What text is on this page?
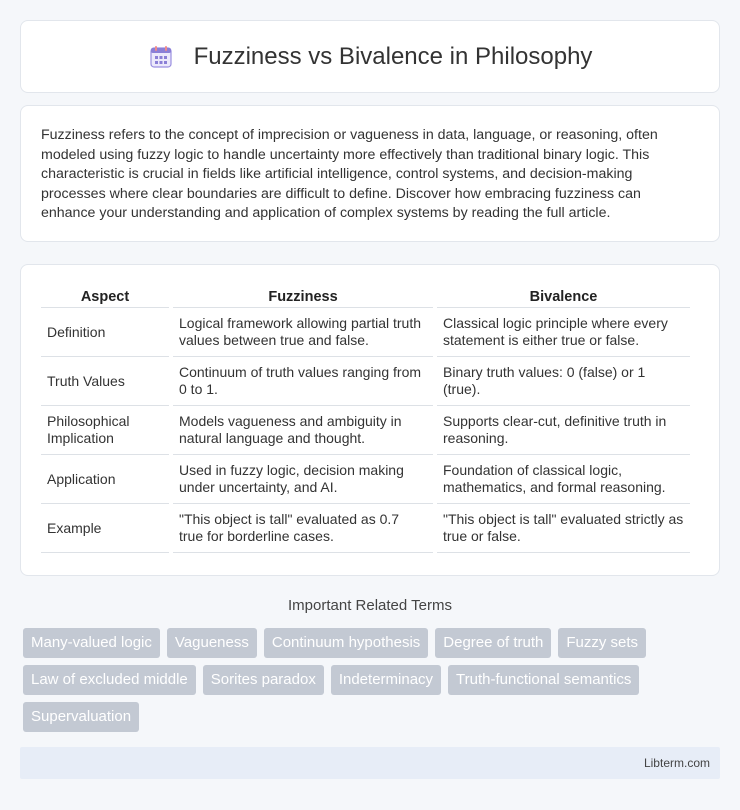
Fuzziness vs Bivalence in Philosophy

Fuzziness refers to the concept of imprecision or vagueness in data, language, or reasoning, often modeled using fuzzy logic to handle uncertainty more effectively than traditional binary logic. This characteristic is crucial in fields like artificial intelligence, control systems, and decision-making processes where clear boundaries are difficult to define. Discover how embracing fuzziness can enhance your understanding and application of complex systems by reading the full article.

Aspect	Fuzziness	Bivalence
Definition	Logical framework allowing partial truth values between true and false.	Classical logic principle where every statement is either true or false.
Truth Values	Continuum of truth values ranging from 0 to 1.	Binary truth values: 0 (false) or 1 (true).
Philosophical Implication	Models vagueness and ambiguity in natural language and thought.	Supports clear-cut, definitive truth in reasoning.
Application	Used in fuzzy logic, decision making under uncertainty, and AI.	Foundation of classical logic, mathematics, and formal reasoning.
Example	"This object is tall" evaluated as 0.7 true for borderline cases.	"This object is tall" evaluated strictly as true or false.
Important Related Terms
Many-valued logic	Vagueness	Continuum hypothesis	Degree of truth	Fuzzy sets
Law of excluded middle	Sorites paradox	Indeterminacy	Truth-functional semantics
Supervaluation
Libterm.com
